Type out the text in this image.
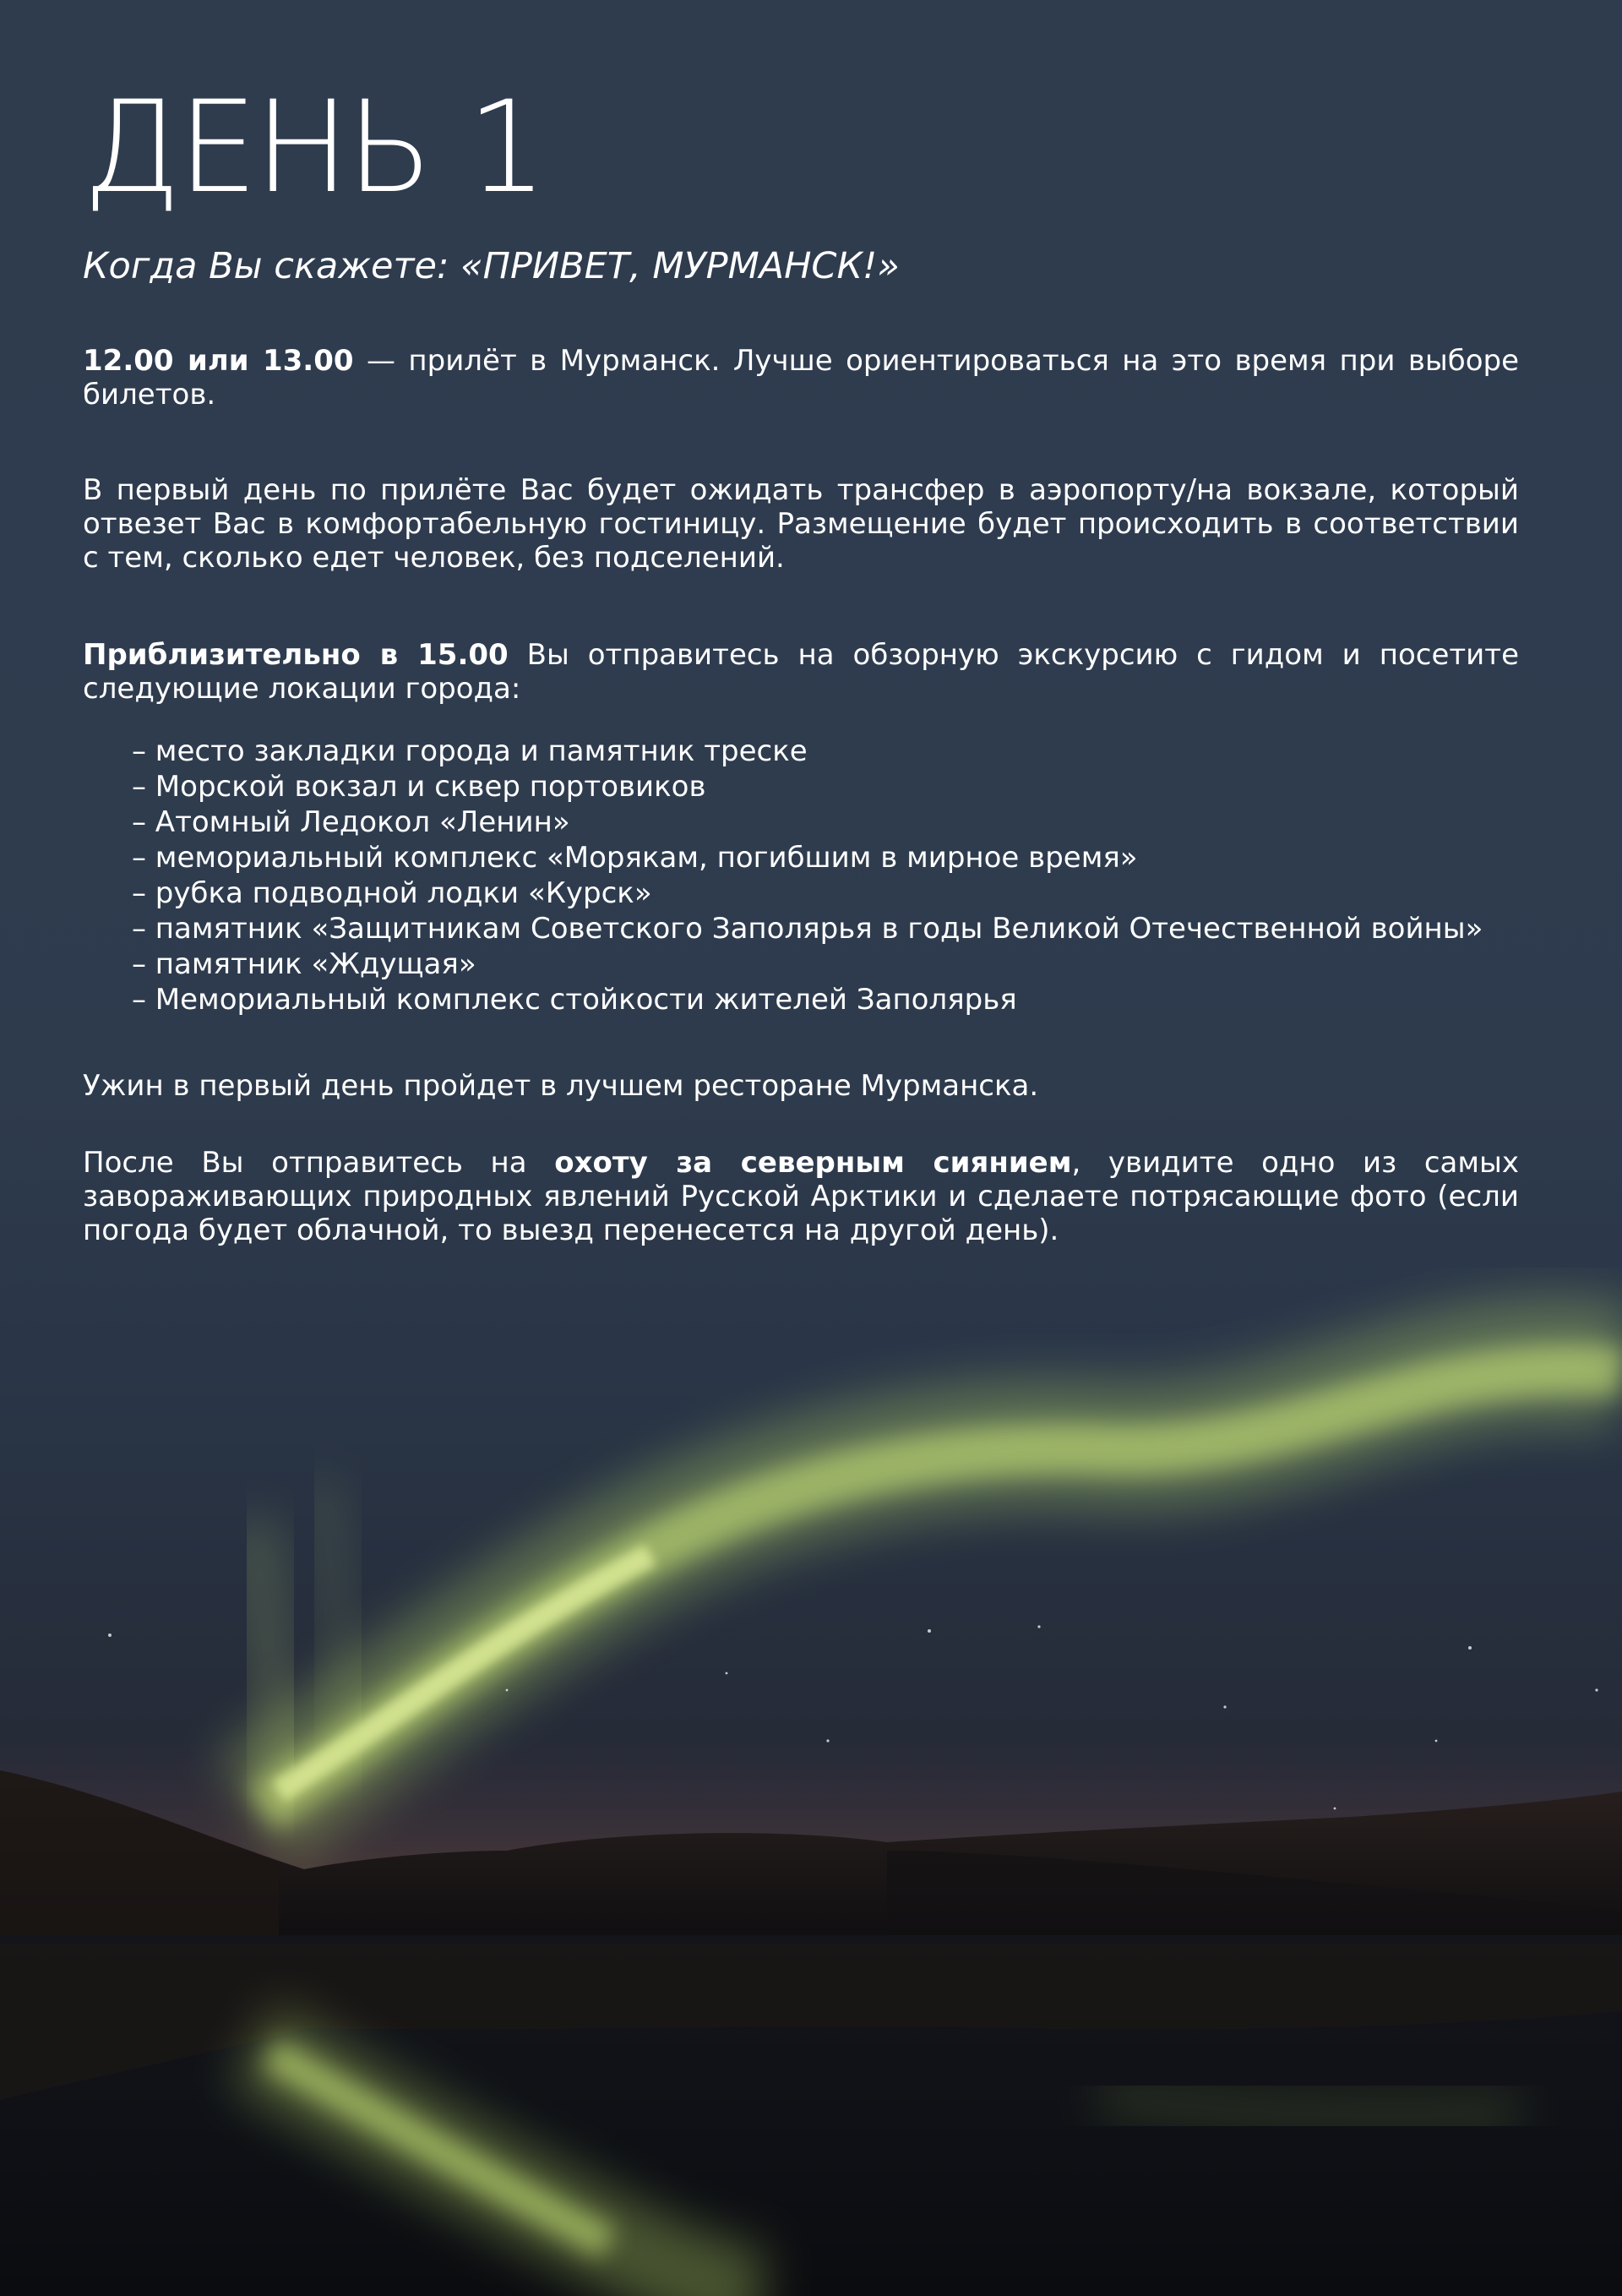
ДЕНЬ 1
Когда Вы скажете: «ПРИВЕТ, МУРМАНСК!»

12.00 или 13.00 — прилёт в Мурманск. Лучше ориентироваться на это время при выборе билетов.

В первый день по прилёте Вас будет ожидать трансфер в аэропорту/на вокзале, который отвезет Вас в комфортабельную гостиницу. Размещение будет происходить в соответствии с тем, сколько едет человек, без подселений.

Приблизительно в 15.00 Вы отправитесь на обзорную экскурсию с гидом и посетите следующие локации города:

– место закладки города и памятник треске
– Морской вокзал и сквер портовиков
– Атомный Ледокол «Ленин»
– мемориальный комплекс «Морякам, погибшим в мирное время»
– рубка подводной лодки «Курск»
– памятник «Защитникам Советского Заполярья в годы Великой Отечественной войны»
– памятник «Ждущая»
– Мемориальный комплекс стойкости жителей Заполярья

Ужин в первый день пройдет в лучшем ресторане Мурманска.

После Вы отправитесь на охоту за северным сиянием, увидите одно из самых завораживающих природных явлений Русской Арктики и сделаете потрясающие фото (если погода будет облачной, то выезд перенесется на другой день).
